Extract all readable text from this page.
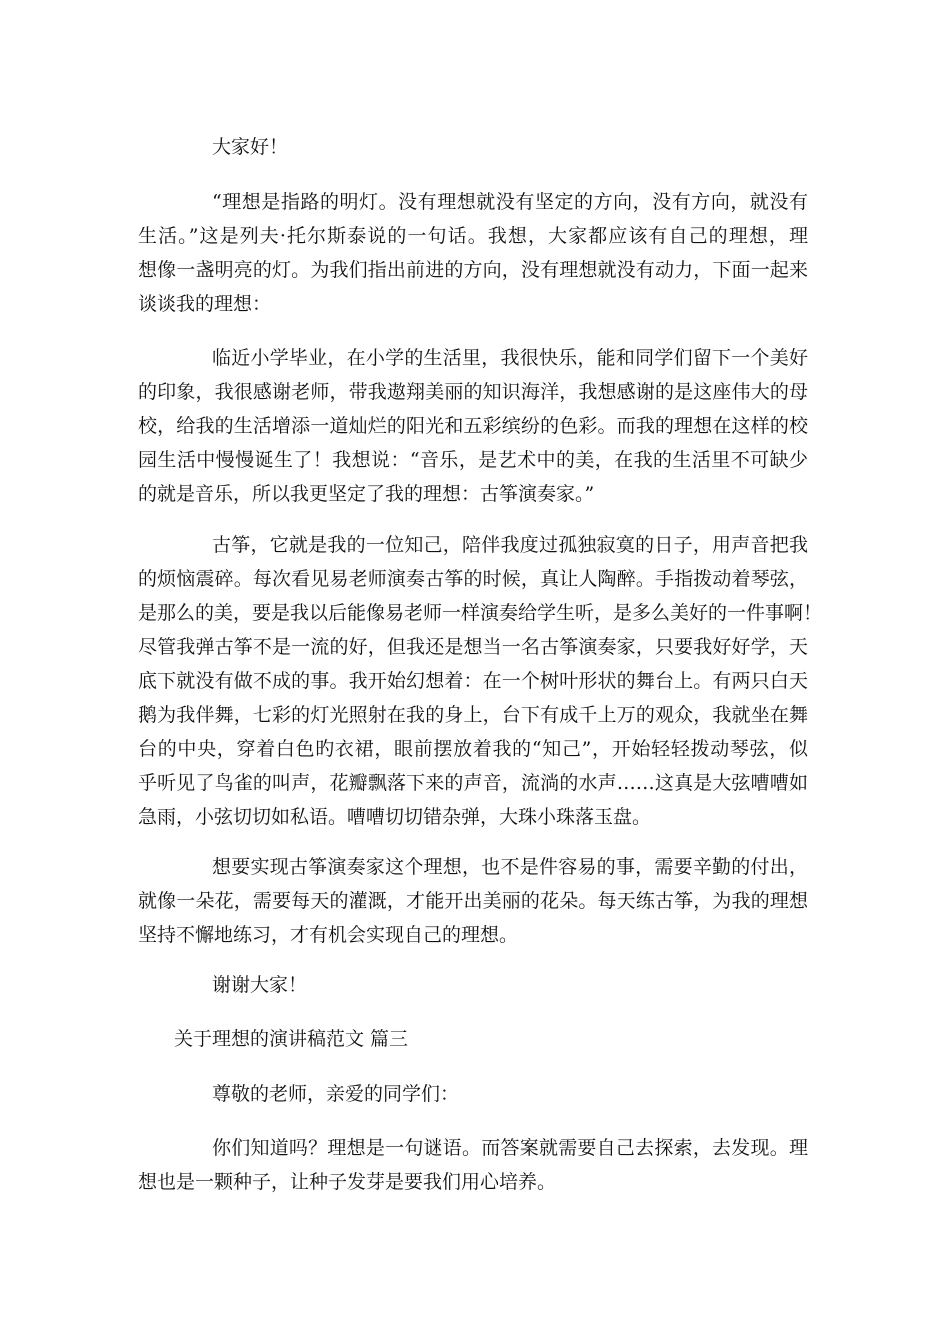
大家好！
“理想是指路的明灯。没有理想就没有坚定的方向，没有方向，就没有
生活。”这是列夫·托尔斯泰说的一句话。我想，大家都应该有自己的理想，理
想像一盏明亮的灯。为我们指出前进的方向，没有理想就没有动力，下面一起来
谈谈我的理想：
临近小学毕业，在小学的生活里，我很快乐，能和同学们留下一个美好
的印象，我很感谢老师，带我遨翔美丽的知识海洋，我想感谢的是这座伟大的母
校，给我的生活增添一道灿烂的阳光和五彩缤纷的色彩。而我的理想在这样的校
园生活中慢慢诞生了！我想说：“音乐，是艺术中的美，在我的生活里不可缺少
的就是音乐，所以我更坚定了我的理想：古筝演奏家。”
古筝，它就是我的一位知己，陪伴我度过孤独寂寞的日子，用声音把我
的烦恼震碎。每次看见易老师演奏古筝的时候，真让人陶醉。手指拨动着琴弦，
是那么的美，要是我以后能像易老师一样演奏给学生听，是多么美好的一件事啊！
尽管我弹古筝不是一流的好，但我还是想当一名古筝演奏家，只要我好好学，天
底下就没有做不成的事。我开始幻想着：在一个树叶形状的舞台上。有两只白天
鹅为我伴舞，七彩的灯光照射在我的身上，台下有成千上万的观众，我就坐在舞
台的中央，穿着白色旳衣裙，眼前摆放着我的“知己”，开始轻轻拨动琴弦，似
乎听见了鸟雀的叫声，花瓣飘落下来的声音，流淌的水声……这真是大弦嘈嘈如
急雨，小弦切切如私语。嘈嘈切切错杂弹，大珠小珠落玉盘。
想要实现古筝演奏家这个理想，也不是件容易的事，需要辛勤的付出，
就像一朵花，需要每天的灌溉，才能开出美丽的花朵。每天练古筝，为我的理想
坚持不懈地练习，才有机会实现自己的理想。
谢谢大家！
关于理想的演讲稿范文 篇三
尊敬的老师，亲爱的同学们：
你们知道吗？理想是一句谜语。而答案就需要自己去探索，去发现。理
想也是一颗种子，让种子发芽是要我们用心培养。
